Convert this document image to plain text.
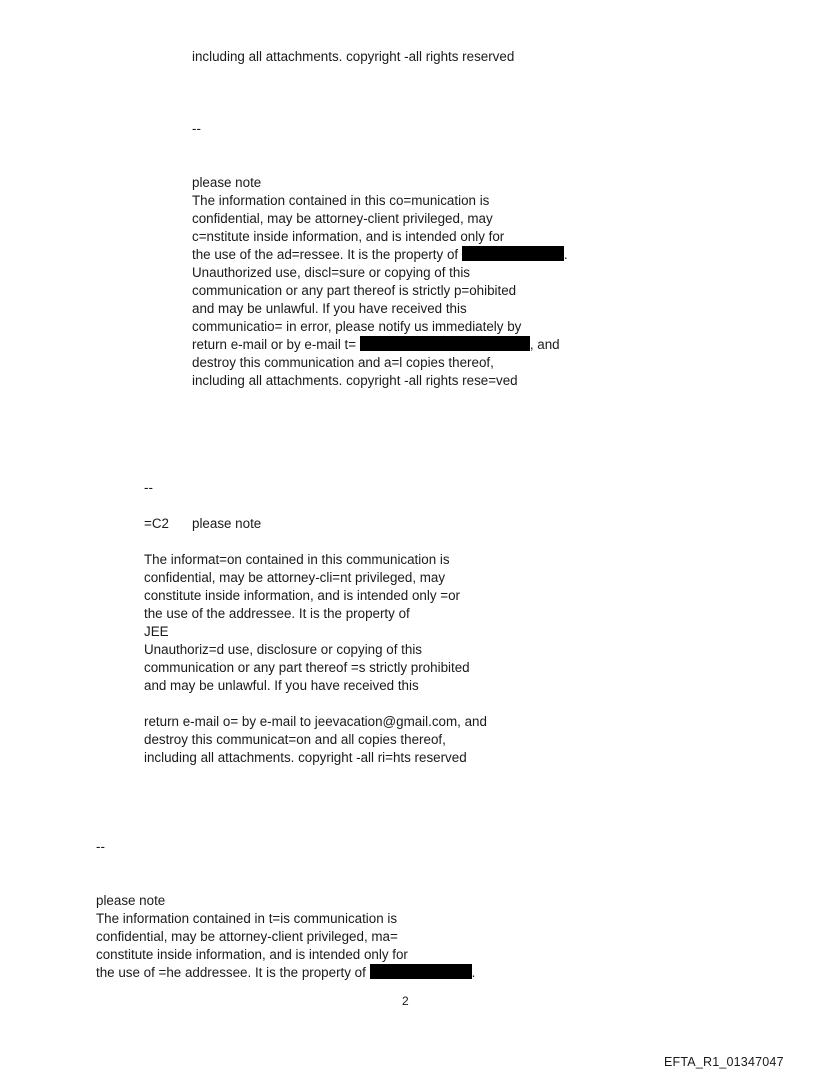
including all attachments. copyright -all rights reserved
--
please note
The information contained in this co=munication is
confidential, may be attorney-client privileged, may
c=nstitute inside information, and is intended only for
the use of the ad=ressee. It is the property of	.
Unauthorized use, discl=sure or copying of this
communication or any part thereof is strictly p=ohibited
and may be unlawful. If you have received this
communicatio= in error, please notify us immediately by
return e-mail or by e-mail t=	, and
destroy this communication and a=l copies thereof,
including all attachments. copyright -all rights rese=ved
--
=C2 please note
The informat=on contained in this communication is
confidential, may be attorney-cli=nt privileged, may
constitute inside information, and is intended only =or
the use of the addressee. It is the property of
JEE
Unauthoriz=d use, disclosure or copying of this
communication or any part thereof =s strictly prohibited
and may be unlawful. If you have received this
return e-mail o= by e-mail to jeevacation@gmail.com, and
destroy this communicat=on and all copies thereof,
including all attachments. copyright -all ri=hts reserved
--
please note
The information contained in t=is communication is
confidential, may be attorney-client privileged, ma=
constitute inside information, and is intended only for
the use of =he addressee. It is the property of	.
2
EFTA_R1_01347047
